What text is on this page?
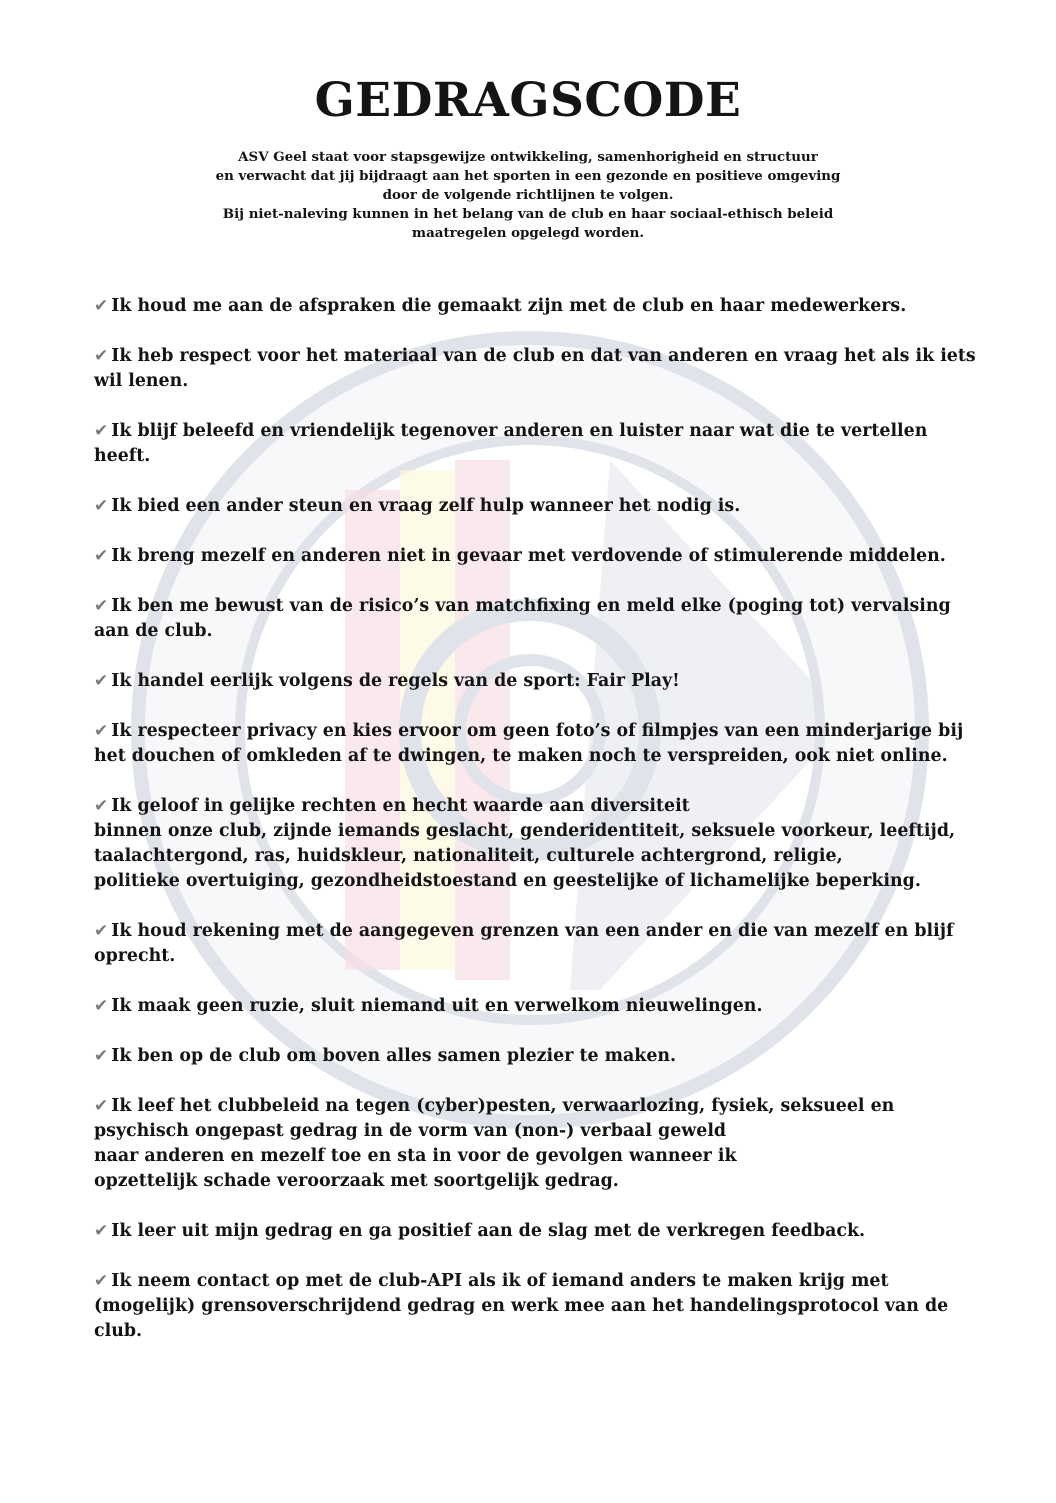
GEDRAGSCODE
ASV Geel staat voor stapsgewijze ontwikkeling, samenhorigheid en structuur
en verwacht dat jij bijdraagt aan het sporten in een gezonde en positieve omgeving
door de volgende richtlijnen te volgen.
Bij niet-naleving kunnen in het belang van de club en haar sociaal-ethisch beleid
maatregelen opgelegd worden.
✔ Ik houd me aan de afspraken die gemaakt zijn met de club en haar medewerkers.
✔ Ik heb respect voor het materiaal van de club en dat van anderen en vraag het als ik iets
wil lenen.
✔ Ik blijf beleefd en vriendelijk tegenover anderen en luister naar wat die te vertellen
heeft.
✔ Ik bied een ander steun en vraag zelf hulp wanneer het nodig is.
✔ Ik breng mezelf en anderen niet in gevaar met verdovende of stimulerende middelen.
✔ Ik ben me bewust van de risico’s van matchfixing en meld elke (poging tot) vervalsing
aan de club.
✔ Ik handel eerlijk volgens de regels van de sport: Fair Play!
✔ Ik respecteer privacy en kies ervoor om geen foto’s of filmpjes van een minderjarige bij
het douchen of omkleden af te dwingen, te maken noch te verspreiden, ook niet online.
✔ Ik geloof in gelijke rechten en hecht waarde aan diversiteit
binnen onze club, zijnde iemands geslacht, genderidentiteit, seksuele voorkeur, leeftijd,
taalachtergond, ras, huidskleur, nationaliteit, culturele achtergrond, religie,
politieke overtuiging, gezondheidstoestand en geestelijke of lichamelijke beperking.
✔ Ik houd rekening met de aangegeven grenzen van een ander en die van mezelf en blijf
oprecht.
✔ Ik maak geen ruzie, sluit niemand uit en verwelkom nieuwelingen.
✔ Ik ben op de club om boven alles samen plezier te maken.
✔ Ik leef het clubbeleid na tegen (cyber)pesten, verwaarlozing, fysiek, seksueel en
psychisch ongepast gedrag in de vorm van (non-) verbaal geweld
naar anderen en mezelf toe en sta in voor de gevolgen wanneer ik
opzettelijk schade veroorzaak met soortgelijk gedrag.
✔ Ik leer uit mijn gedrag en ga positief aan de slag met de verkregen feedback.
✔ Ik neem contact op met de club-API als ik of iemand anders te maken krijg met
(mogelijk) grensoverschrijdend gedrag en werk mee aan het handelingsprotocol van de
club.
